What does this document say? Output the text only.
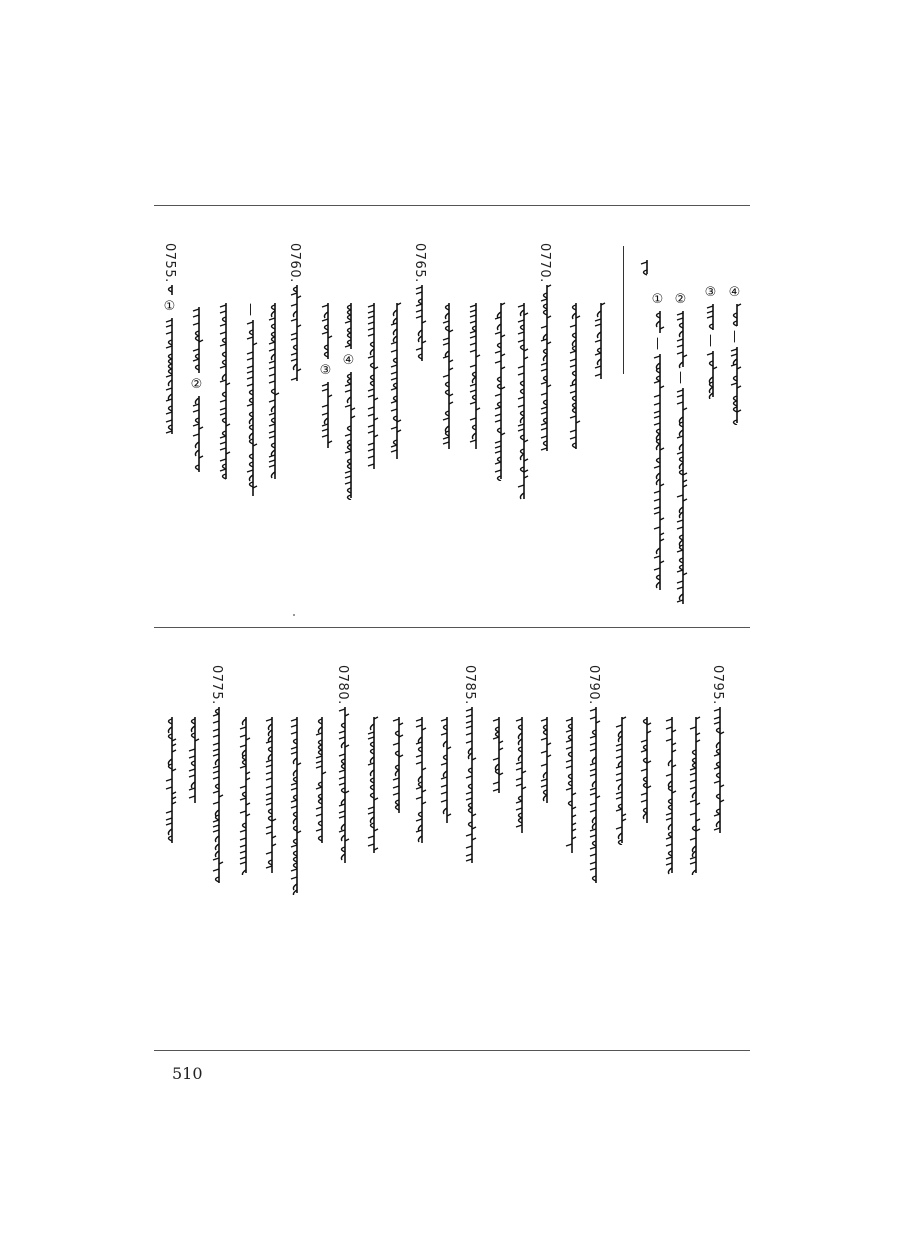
0755.
①
②
—
0760.
③
④
0765.	0770.
①
—
②
—
③
—
④
—
0775.	0780.	0785.	0790.	0795.
510
